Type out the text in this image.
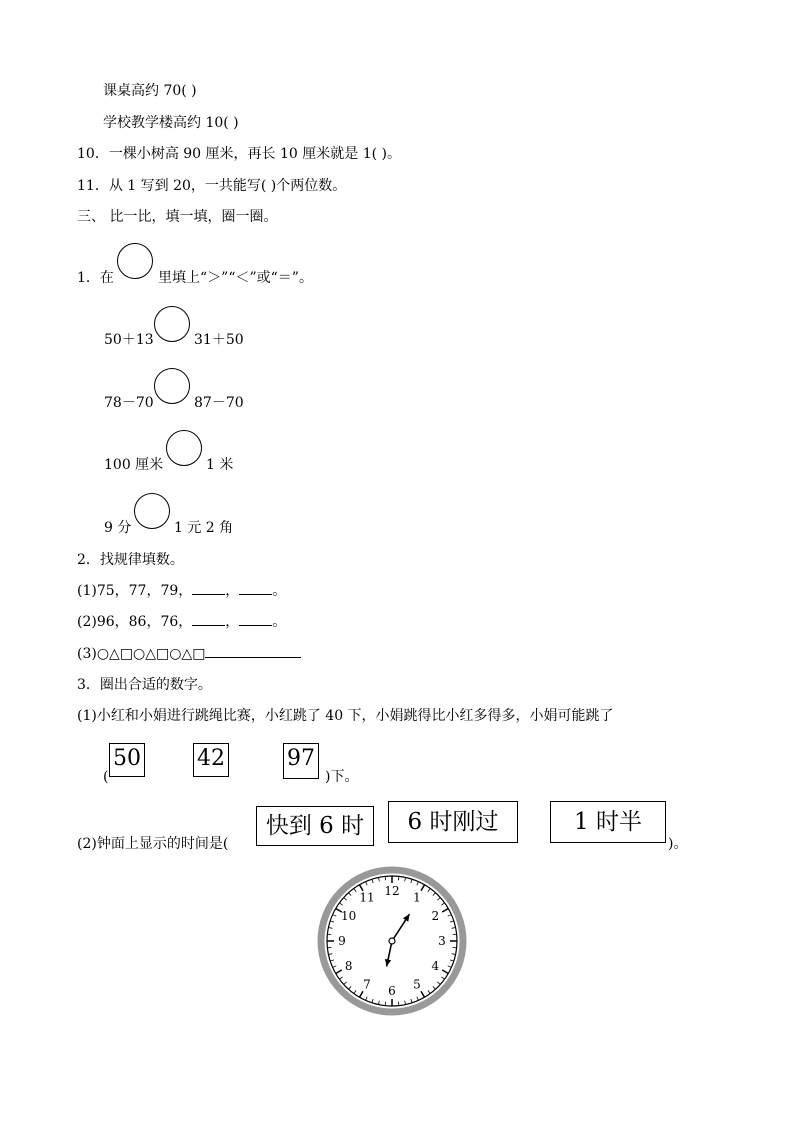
课桌高约 70( )
学校教学楼高约 10( )
10．一棵小树高 90 厘米，再长 10 厘米就是 1( )。
11．从 1 写到 20，一共能写( )个两位数。
三、 比一比，填一填，圈一圈。
1．在	里填上“＞”“＜”或“＝”。
50＋13	31＋50
78－70	87－70
100 厘米	1 米
9 分	1 元 2 角
2．找规律填数。
(1)75，77，79， ， 。
(2)96，86，76， ， 。
(3)○△□○△□○△□
3．圈出合适的数字。
(1)小红和小娟进行跳绳比赛，小红跳了 40 下，小娟跳得比小红多得多，小娟可能跳了
(
50	42	97
)下。
(2)钟面上显示的时间是(
快到 6 时	6 时刚过	1 时半
)。
12 1
2
3
4
5
6
7
8
9
10
11
